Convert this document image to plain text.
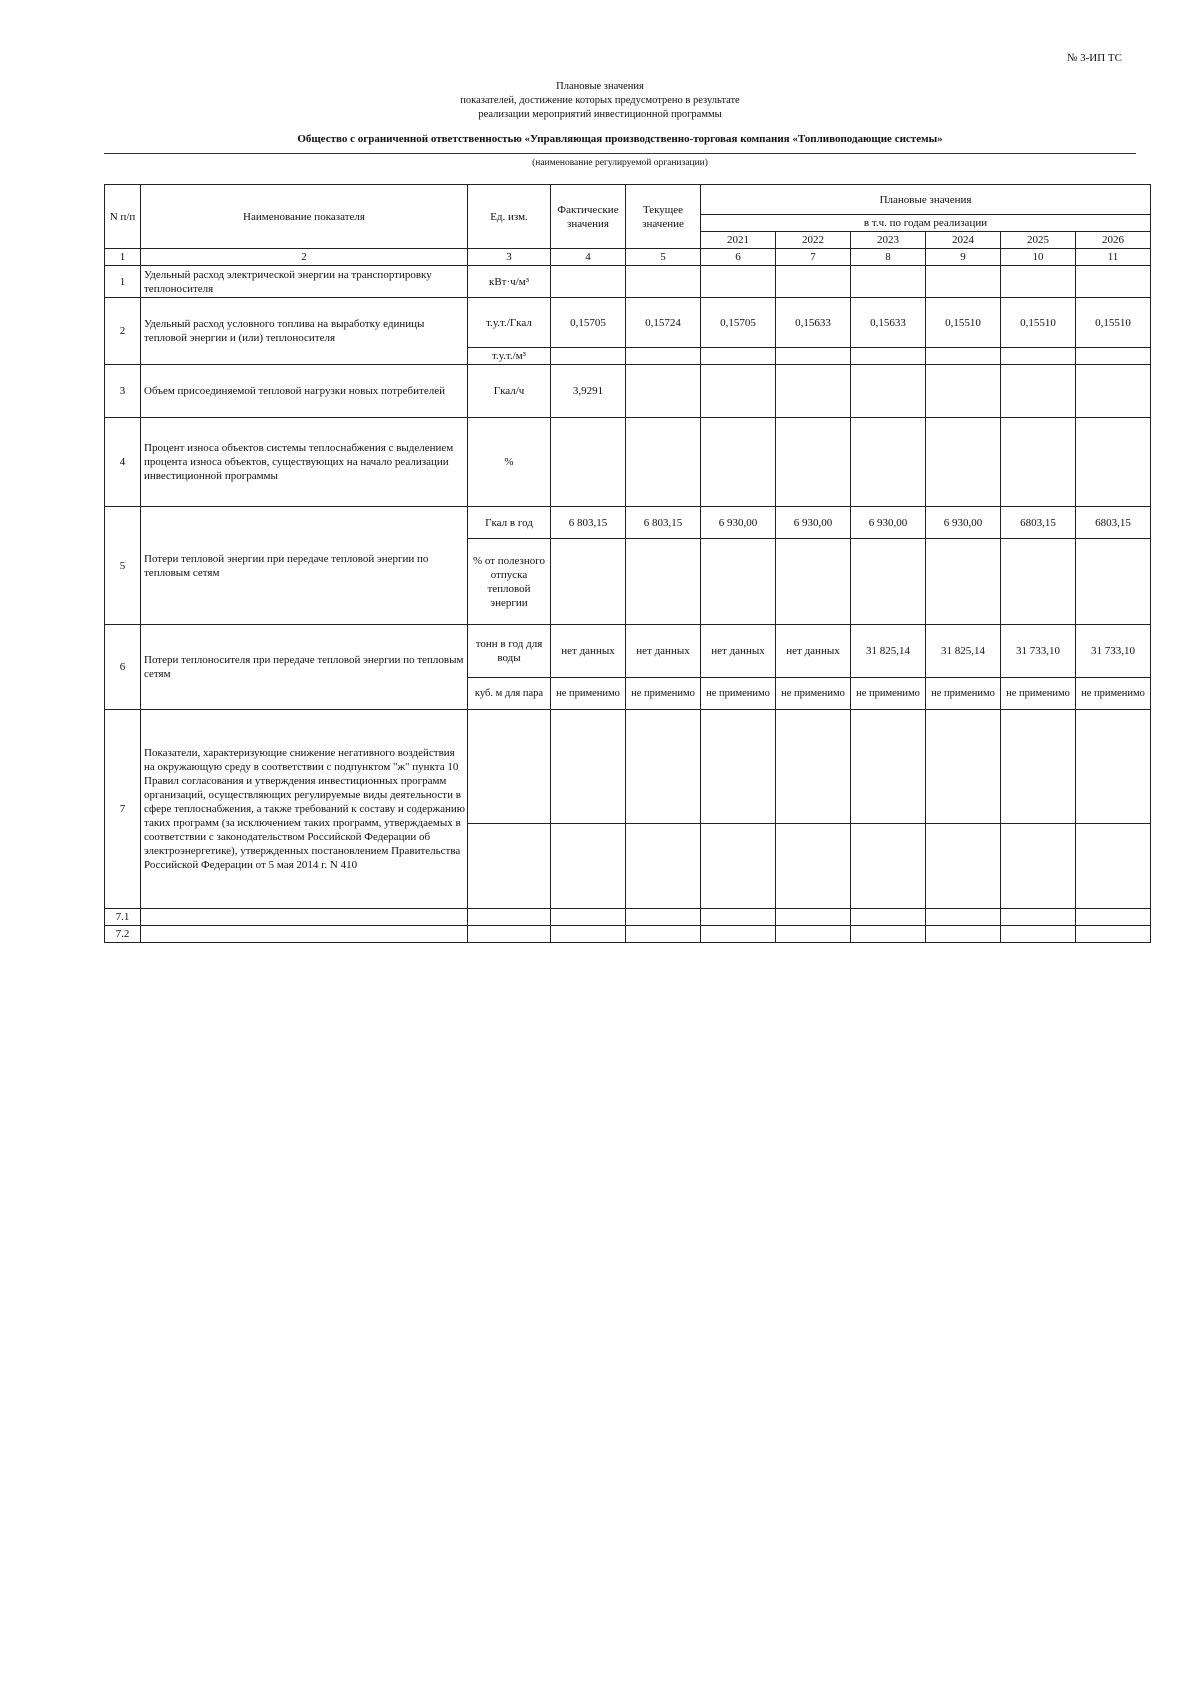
№ 3-ИП ТС
Плановые значения
показателей, достижение которых предусмотрено в результате
реализации мероприятий инвестиционной программы
Общество с ограниченной ответственностью «Управляющая производственно-торговая компания «Топливоподающие системы»
(наименование регулируемой организации)
N п/п	Наименование показателя	Ед. изм.	Фактические значения	Текущее значение	Плановые значения					
					в т.ч. по годам реализации					
					2021	2022	2023	2024	2025	2026
1	2	3	4	5	6	7	8	9	10	11
1	Удельный расход электрической энергии на транспортировку теплоносителя	кВт·ч/м³								
2	Удельный расход условного топлива на выработку единицы тепловой энергии и (или) теплоносителя	т.у.т./Гкал	0,15705	0,15724	0,15705	0,15633	0,15633	0,15510	0,15510	0,15510
		т.у.т./м³								
3	Объем присоединяемой тепловой нагрузки новых потребителей	Гкал/ч	3,9291							
4	Процент износа объектов системы теплоснабжения с выделением процента износа объектов, существующих на начало реализации инвестиционной программы	%								
5	Потери тепловой энергии при передаче тепловой энергии по тепловым сетям	Гкал в год	6 803,15	6 803,15	6 930,00	6 930,00	6 930,00	6 930,00	6803,15	6803,15
		% от полезного отпуска тепловой энергии								
6	Потери теплоносителя при передаче тепловой энергии по тепловым сетям	тонн в год для воды	нет данных	нет данных	нет данных	нет данных	31 825,14	31 825,14	31 733,10	31 733,10
		куб. м для пара	не применимо	не применимо	не применимо	не применимо	не применимо	не применимо	не применимо	не применимо
7	Показатели, характеризующие снижение негативного воздействия на окружающую среду в соответствии с подпунктом "ж" пункта 10 Правил согласования и утверждения инвестиционных программ организаций, осуществляющих регулируемые виды деятельности в сфере теплоснабжения, а также требований к составу и содержанию таких программ (за исключением таких программ, утверждаемых в соответствии с законодательством Российской Федерации об электроэнергетике), утвержденных постановлением Правительства Российской Федерации от 5 мая 2014 г. N 410									

7.1										
7.2										
